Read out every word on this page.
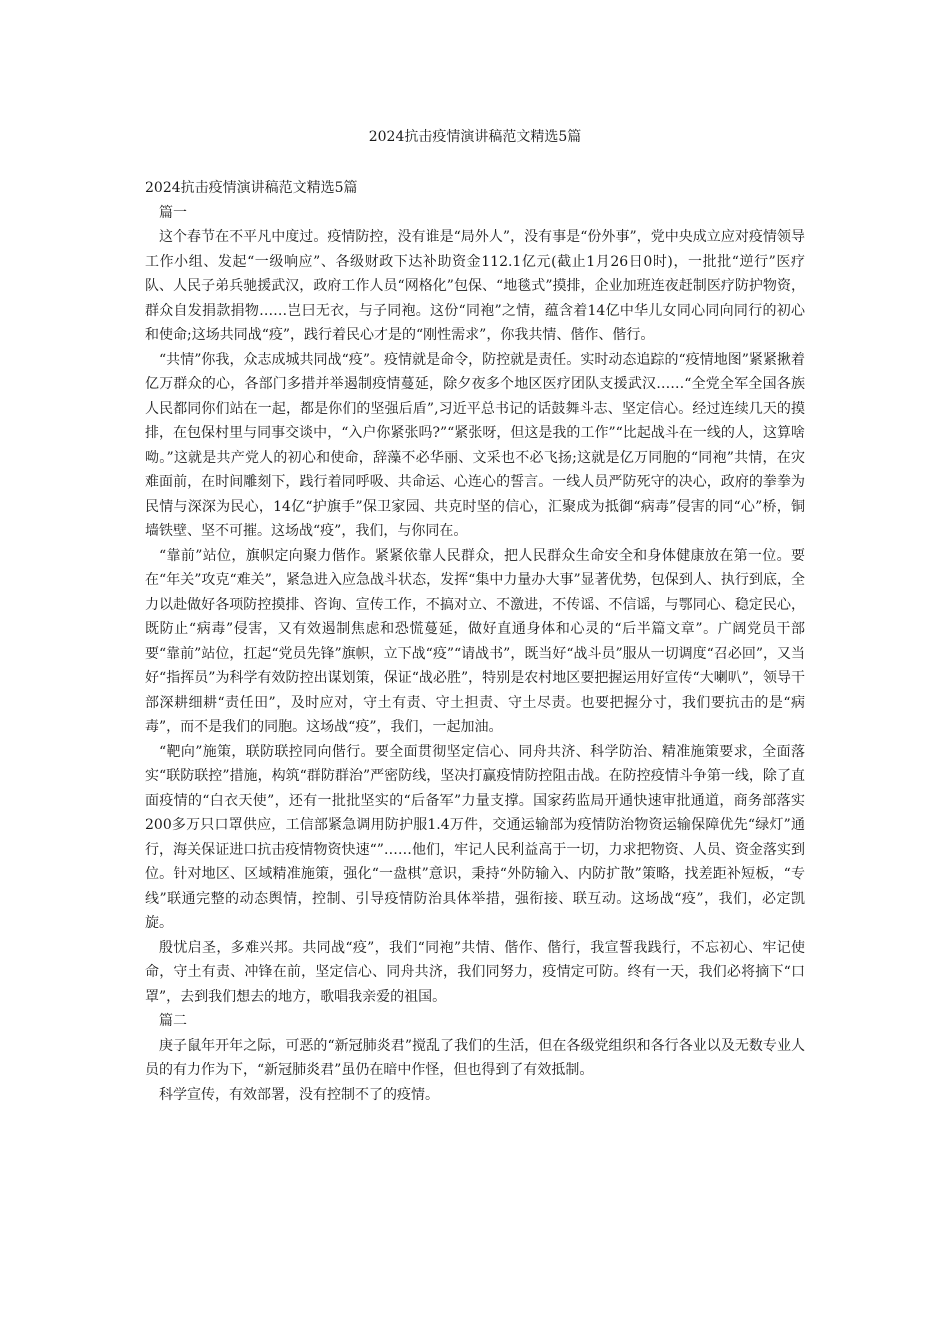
2024抗击疫情演讲稿范文精选5篇

2024抗击疫情演讲稿范文精选5篇

篇一

这个春节在不平凡中度过。疫情防控，没有谁是“局外人”，没有事是“份外事”，党中央成立应对疫情领导工作小组、发起“一级响应”、各级财政下达补助资金112.1亿元(截止1月26日0时)，一批批“逆行”医疗队、人民子弟兵驰援武汉，政府工作人员“网格化”包保、“地毯式”摸排，企业加班连夜赶制医疗防护物资，群众自发捐款捐物……岂曰无衣，与子同袍。这份“同袍”之情，蕴含着14亿中华儿女同心同向同行的初心和使命;这场共同战“疫”，践行着民心才是的“刚性需求”，你我共情、偕作、偕行。

“共情”你我，众志成城共同战“疫”。疫情就是命令，防控就是责任。实时动态追踪的“疫情地图”紧紧揪着亿万群众的心，各部门多措并举遏制疫情蔓延，除夕夜多个地区医疗团队支援武汉……“全党全军全国各族人民都同你们站在一起，都是你们的坚强后盾”,习近平总书记的话鼓舞斗志、坚定信心。经过连续几天的摸排，在包保村里与同事交谈中，“入户你紧张吗?”“紧张呀，但这是我的工作”“比起战斗在一线的人，这算啥呦。”这就是共产党人的初心和使命，辞藻不必华丽、文采也不必飞扬;这就是亿万同胞的“同袍”共情，在灾难面前，在时间雕刻下，践行着同呼吸、共命运、心连心的誓言。一线人员严防死守的决心，政府的拳拳为民情与深深为民心，14亿“护旗手”保卫家园、共克时坚的信心，汇聚成为抵御“病毒”侵害的同“心”桥，铜墙铁壁、坚不可摧。这场战“疫”，我们，与你同在。

“靠前”站位，旗帜定向聚力偕作。紧紧依靠人民群众，把人民群众生命安全和身体健康放在第一位。要在“年关”攻克“难关”，紧急进入应急战斗状态，发挥“集中力量办大事”显著优势，包保到人、执行到底，全力以赴做好各项防控摸排、咨询、宣传工作，不搞对立、不激进，不传谣、不信谣，与鄂同心、稳定民心，既防止“病毒”侵害，又有效遏制焦虑和恐慌蔓延，做好直通身体和心灵的“后半篇文章”。广阔党员干部要“靠前”站位，扛起“党员先锋”旗帜，立下战“疫”“请战书”，既当好“战斗员”服从一切调度“召必回”，又当好“指挥员”为科学有效防控出谋划策，保证“战必胜”，特别是农村地区要把握运用好宣传“大喇叭”，领导干部深耕细耕“责任田”，及时应对，守土有责、守土担责、守土尽责。也要把握分寸，我们要抗击的是“病毒”，而不是我们的同胞。这场战“疫”，我们，一起加油。

“靶向”施策，联防联控同向偕行。要全面贯彻坚定信心、同舟共济、科学防治、精准施策要求，全面落实“联防联控”措施，构筑“群防群治”严密防线，坚决打赢疫情防控阻击战。在防控疫情斗争第一线，除了直面疫情的“白衣天使”，还有一批批坚实的“后备军”力量支撑。国家药监局开通快速审批通道，商务部落实200多万只口罩供应，工信部紧急调用防护服1.4万件，交通运输部为疫情防治物资运输保障优先“绿灯”通行，海关保证进口抗击疫情物资快速“”……他们，牢记人民利益高于一切，力求把物资、人员、资金落实到位。针对地区、区域精准施策，强化“一盘棋”意识，秉持“外防输入、内防扩散”策略，找差距补短板，“专线”联通完整的动态舆情，控制、引导疫情防治具体举措，强衔接、联互动。这场战“疫”，我们，必定凯旋。

殷忧启圣，多难兴邦。共同战“疫”，我们“同袍”共情、偕作、偕行，我宣誓我践行，不忘初心、牢记使命，守土有责、冲锋在前，坚定信心、同舟共济，我们同努力，疫情定可防。终有一天，我们必将摘下“口罩”，去到我们想去的地方，歌唱我亲爱的祖国。

篇二

庚子鼠年开年之际，可恶的“新冠肺炎君”搅乱了我们的生活，但在各级党组织和各行各业以及无数专业人员的有力作为下，“新冠肺炎君”虽仍在暗中作怪，但也得到了有效抵制。

科学宣传，有效部署，没有控制不了的疫情。
